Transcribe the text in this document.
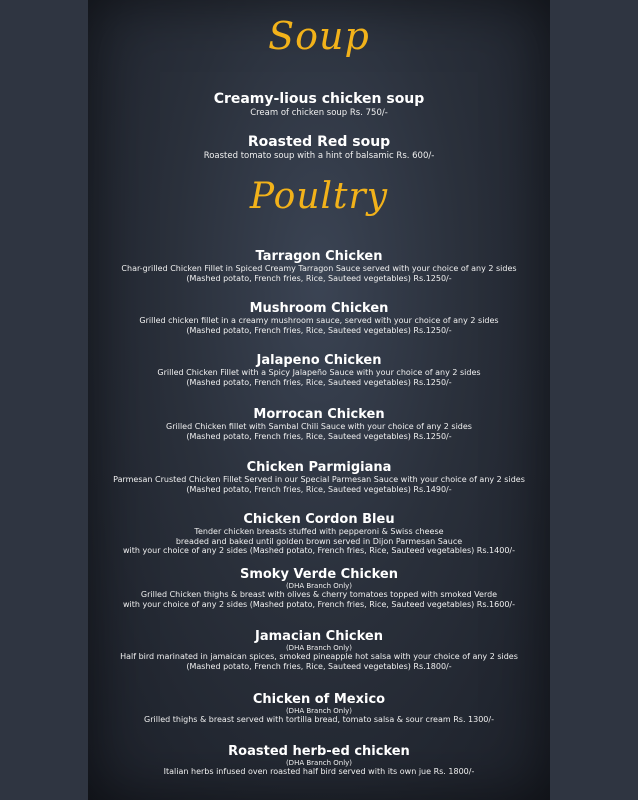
Soup
Creamy-lious chicken soup
Cream of chicken soup Rs. 750/-
Roasted Red soup
Roasted tomato soup with a hint of balsamic Rs. 600/-
Poultry
Tarragon Chicken
Char-grilled Chicken Fillet in Spiced Creamy Tarragon Sauce served with your choice of any 2 sides
(Mashed potato, French fries, Rice, Sauteed vegetables) Rs.1250/-
Mushroom Chicken
Grilled chicken fillet in a creamy mushroom sauce, served with your choice of any 2 sides
(Mashed potato, French fries, Rice, Sauteed vegetables) Rs.1250/-
Jalapeno Chicken
Grilled Chicken Fillet with a Spicy Jalapeño Sauce with your choice of any 2 sides
(Mashed potato, French fries, Rice, Sauteed vegetables) Rs.1250/-
Morrocan Chicken
Grilled Chicken fillet with Sambal Chili Sauce with your choice of any 2 sides
(Mashed potato, French fries, Rice, Sauteed vegetables) Rs.1250/-
Chicken Parmigiana
Parmesan Crusted Chicken Fillet Served in our Special Parmesan Sauce with your choice of any 2 sides
(Mashed potato, French fries, Rice, Sauteed vegetables) Rs.1490/-
Chicken Cordon Bleu
Tender chicken breasts stuffed with pepperoni & Swiss cheese
breaded and baked until golden brown served in Dijon Parmesan Sauce
with your choice of any 2 sides (Mashed potato, French fries, Rice, Sauteed vegetables) Rs.1400/-
Smoky Verde Chicken
(DHA Branch Only)
Grilled Chicken thighs & breast with olives & cherry tomatoes topped with smoked Verde
with your choice of any 2 sides (Mashed potato, French fries, Rice, Sauteed vegetables) Rs.1600/-
Jamacian Chicken
(DHA Branch Only)
Half bird marinated in jamaican spices, smoked pineapple hot salsa with your choice of any 2 sides
(Mashed potato, French fries, Rice, Sauteed vegetables) Rs.1800/-
Chicken of Mexico
(DHA Branch Only)
Grilled thighs & breast served with tortilla bread, tomato salsa & sour cream Rs. 1300/-
Roasted herb-ed chicken
(DHA Branch Only)
Italian herbs infused oven roasted half bird served with its own jue Rs. 1800/-
